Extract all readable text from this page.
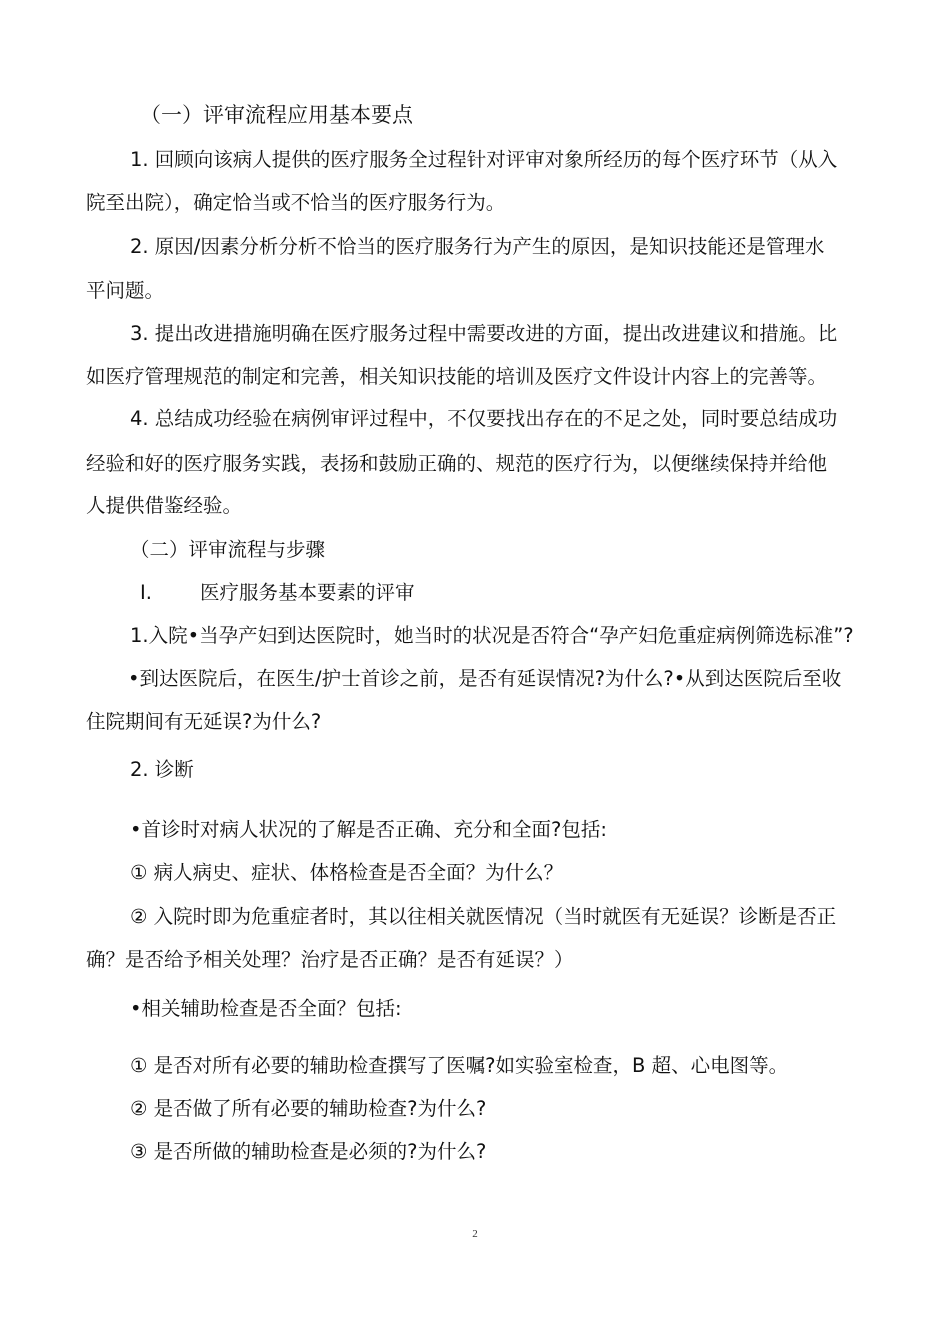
（一）评审流程应用基本要点

1. 回顾向该病人提供的医疗服务全过程针对评审对象所经历的每个医疗环节（从入

院至出院），确定恰当或不恰当的医疗服务行为。

2. 原因/因素分析分析不恰当的医疗服务行为产生的原因，是知识技能还是管理水

平问题。

3. 提出改进措施明确在医疗服务过程中需要改进的方面，提出改进建议和措施。比

如医疗管理规范的制定和完善，相关知识技能的培训及医疗文件设计内容上的完善等。

4. 总结成功经验在病例审评过程中，不仅要找出存在的不足之处，同时要总结成功

经验和好的医疗服务实践，表扬和鼓励正确的、规范的医疗行为，以便继续保持并给他

人提供借鉴经验。

（二）评审流程与步骤

Ⅰ.	医疗服务基本要素的评审

1.入院•当孕产妇到达医院时，她当时的状况是否符合“孕产妇危重症病例筛选标准”?

•到达医院后，在医生/护士首诊之前，是否有延误情况?为什么?•从到达医院后至收

住院期间有无延误?为什么?

2. 诊断

•首诊时对病人状况的了解是否正确、充分和全面?包括:

① 病人病史、症状、体格检查是否全面？为什么？

② 入院时即为危重症者时，其以往相关就医情况（当时就医有无延误？诊断是否正

确？是否给予相关处理？治疗是否正确？是否有延误？）

•相关辅助检查是否全面？包括:

① 是否对所有必要的辅助检查撰写了医嘱?如实验室检查，B 超、心电图等。

② 是否做了所有必要的辅助检查?为什么?

③ 是否所做的辅助检查是必须的?为什么?

2
